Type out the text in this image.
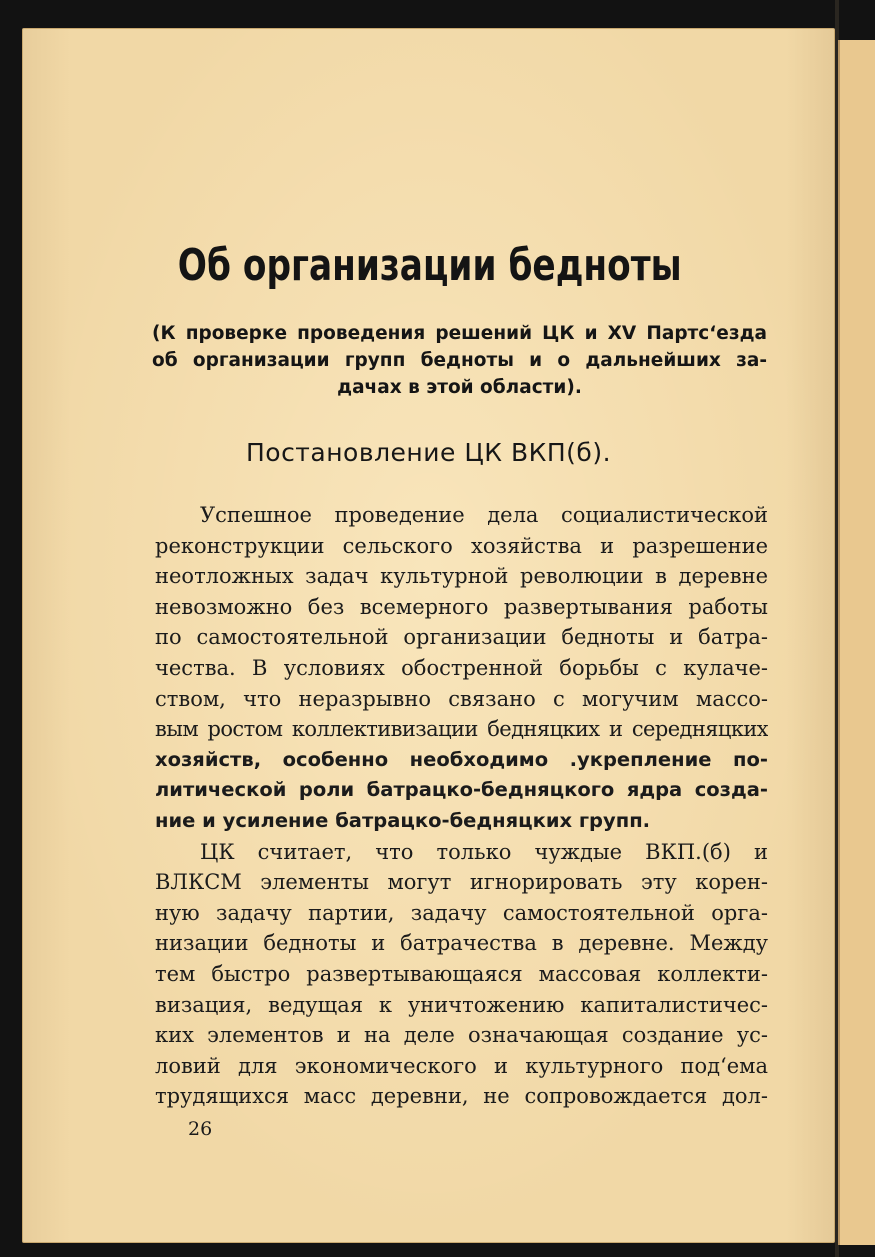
Об организации бедноты
(К проверке проведения решений ЦК и XV Партс‘езда
об организации групп бедноты и о дальнейших за-
дачах в этой области).
Постановление ЦК ВКП(б).
Успешное проведение дела социалистической
реконструкции сельского хозяйства и разрешение
неотложных задач культурной революции в деревне
невозможно без всемерного развертывания работы
по самостоятельной организации бедноты и батра-
чества. В условиях обостренной борьбы с кулаче-
ством, что неразрывно связано с могучим массо-
вым ростом коллективизации бедняцких и середняцких
хозяйств, особенно необходимо .укрепление по-
литической роли батрацко-бедняцкого ядра созда-
ние и усиление батрацко-бедняцких групп.
ЦК считает, что только чуждые ВКП.(б) и
ВЛКСМ элементы могут игнорировать эту корен-
ную задачу партии, задачу самостоятельной орга-
низации бедноты и батрачества в деревне. Между
тем быстро развертывающаяся массовая коллекти-
визация, ведущая к уничтожению капиталистичес-
ких элементов и на деле означающая создание ус-
ловий для экономического и культурного под‘ема
трудящихся масс деревни, не сопровождается дол-
26
